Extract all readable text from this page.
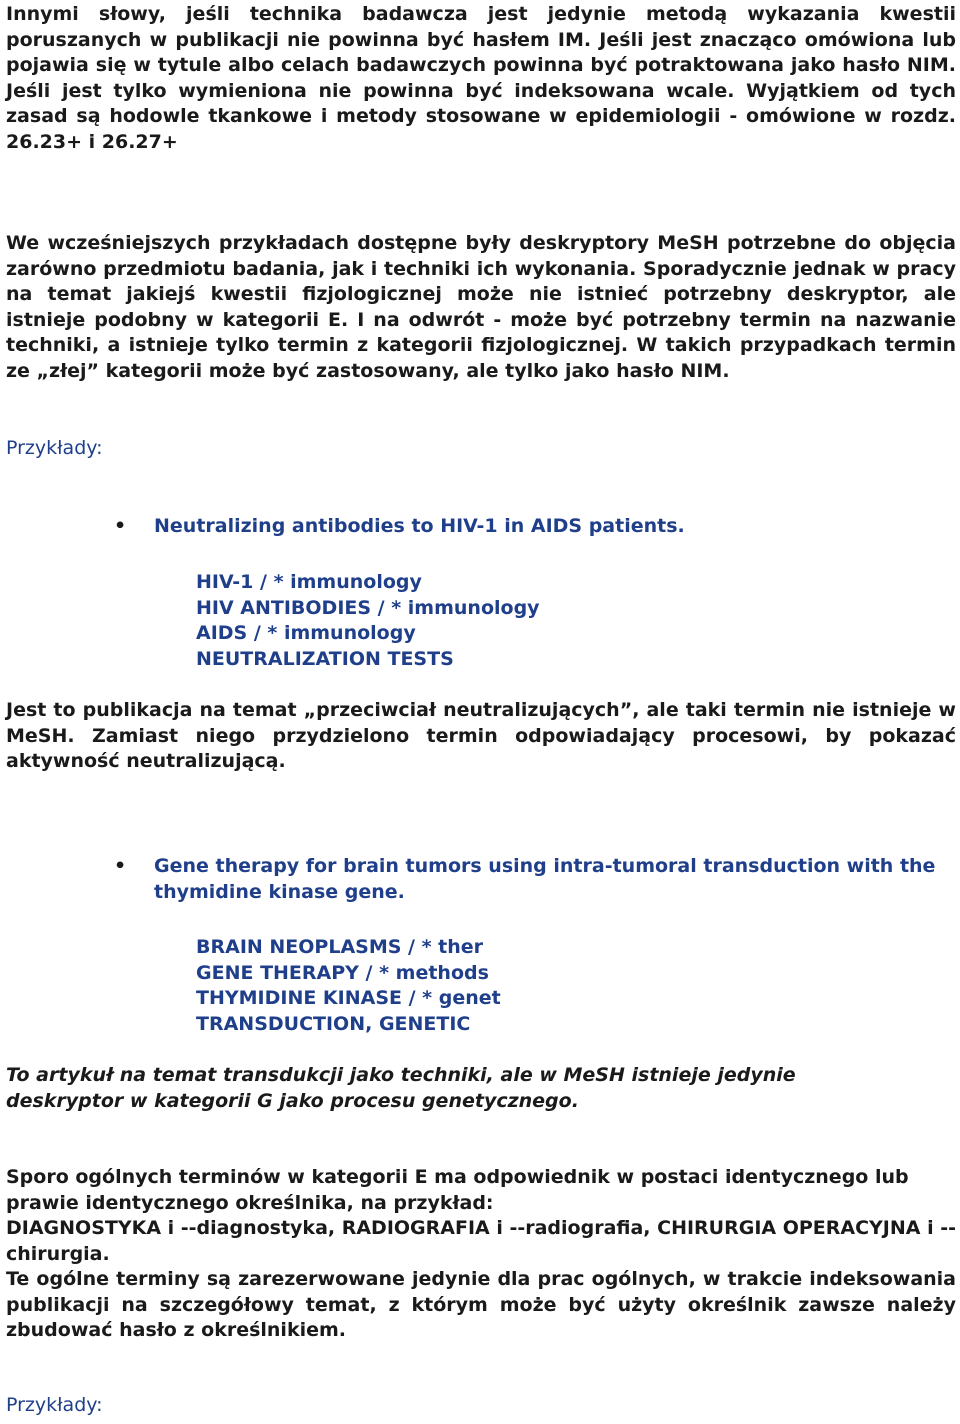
Innymi słowy, jeśli technika badawcza jest jedynie metodą wykazania kwestii poruszanych w publikacji nie powinna być hasłem IM. Jeśli jest znacząco omówiona lub pojawia się w tytule albo celach badawczych powinna być potraktowana jako hasło NIM. Jeśli jest tylko wymieniona nie powinna być indeksowana wcale. Wyjątkiem od tych zasad są hodowle tkankowe i metody stosowane w epidemiologii - omówione w rozdz. 26.23+ i 26.27+

We wcześniejszych przykładach dostępne były deskryptory MeSH potrzebne do objęcia zarówno przedmiotu badania, jak i techniki ich wykonania. Sporadycznie jednak w pracy na temat jakiejś kwestii fizjologicznej może nie istnieć potrzebny deskryptor, ale istnieje podobny w kategorii E. I na odwrót - może być potrzebny termin na nazwanie techniki, a istnieje tylko termin z kategorii fizjologicznej. W takich przypadkach termin ze „złej” kategorii może być zastosowany, ale tylko jako hasło NIM.

Przykłady:
• Neutralizing antibodies to HIV-1 in AIDS patients.
HIV-1 / * immunology
HIV ANTIBODIES / * immunology
AIDS / * immunology
NEUTRALIZATION TESTS

Jest to publikacja na temat „przeciwciał neutralizujących”, ale taki termin nie istnieje w MeSH. Zamiast niego przydzielono termin odpowiadający procesowi, by pokazać aktywność neutralizującą.

• Gene therapy for brain tumors using intra-tumoral transduction with the thymidine kinase gene.
BRAIN NEOPLASMS / * ther
GENE THERAPY / * methods
THYMIDINE KINASE / * genet
TRANSDUCTION, GENETIC

To artykuł na temat transdukcji jako techniki, ale w MeSH istnieje jedynie deskryptor w kategorii G jako procesu genetycznego.

Sporo ogólnych terminów w kategorii E ma odpowiednik w postaci identycznego lub prawie identycznego określnika, na przykład:

DIAGNOSTYKA i --diagnostyka, RADIOGRAFIA i --radiografia, CHIRURGIA OPERACYJNA i --chirurgia.

Te ogólne terminy są zarezerwowane jedynie dla prac ogólnych, w trakcie indeksowania publikacji na szczegółowy temat, z którym może być użyty określnik zawsze należy zbudować hasło z określnikiem.

Przykłady:
